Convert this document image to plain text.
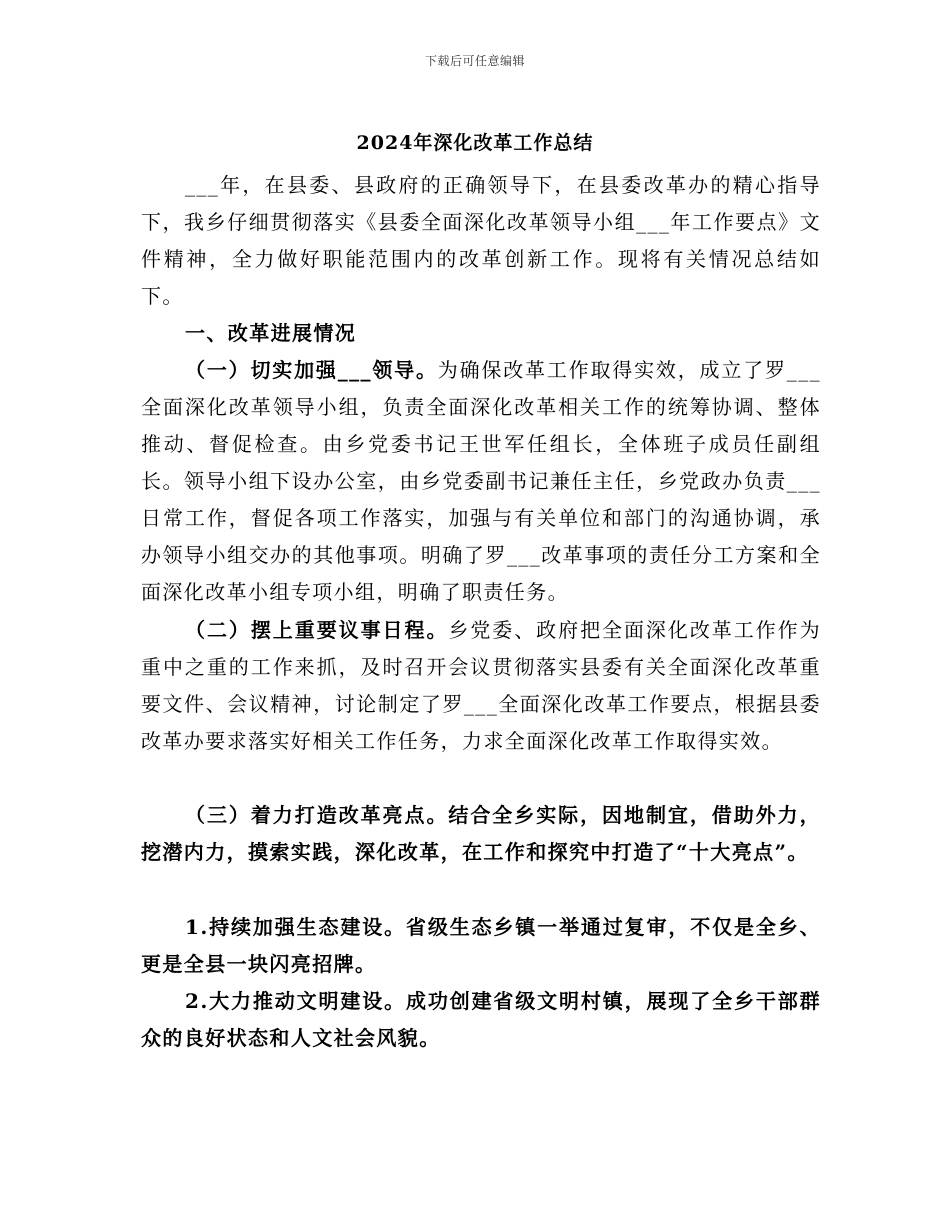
下载后可任意编辑
2024年深化改革工作总结

___年，在县委、县政府的正确领导下，在县委改革办的精心指导下，我乡仔细贯彻落实《县委全面深化改革领导小组___年工作要点》文件精神，全力做好职能范围内的改革创新工作。现将有关情况总结如下。

一、改革进展情况

（一）切实加强___领导。为确保改革工作取得实效，成立了罗___全面深化改革领导小组，负责全面深化改革相关工作的统筹协调、整体推动、督促检查。由乡党委书记王世军任组长，全体班子成员任副组长。领导小组下设办公室，由乡党委副书记兼任主任，乡党政办负责___日常工作，督促各项工作落实，加强与有关单位和部门的沟通协调，承办领导小组交办的其他事项。明确了罗___改革事项的责任分工方案和全面深化改革小组专项小组，明确了职责任务。

（二）摆上重要议事日程。乡党委、政府把全面深化改革工作作为重中之重的工作来抓，及时召开会议贯彻落实县委有关全面深化改革重要文件、会议精神，讨论制定了罗___全面深化改革工作要点，根据县委改革办要求落实好相关工作任务，力求全面深化改革工作取得实效。

（三）着力打造改革亮点。结合全乡实际，因地制宜，借助外力，挖潜内力，摸索实践，深化改革，在工作和探究中打造了“十大亮点”。

1.持续加强生态建设。省级生态乡镇一举通过复审，不仅是全乡、更是全县一块闪亮招牌。

2.大力推动文明建设。成功创建省级文明村镇，展现了全乡干部群众的良好状态和人文社会风貌。
